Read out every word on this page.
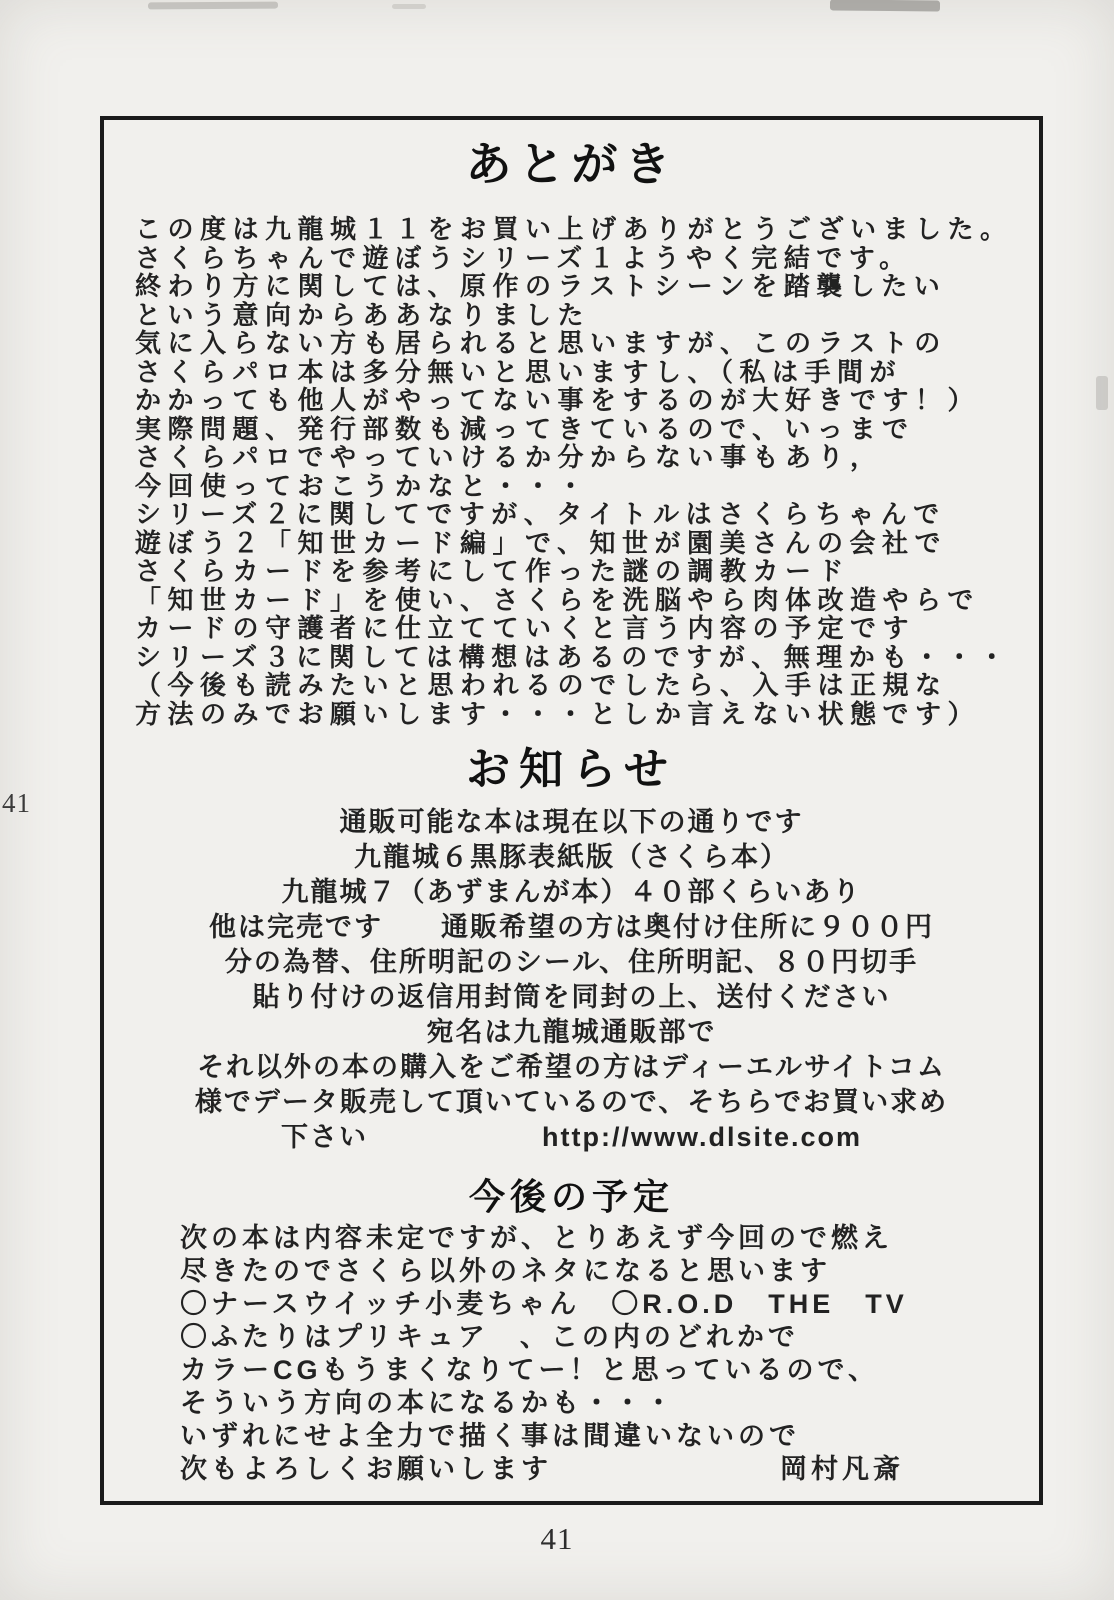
41
あとがき
この度は九龍城１１をお買い上げありがとうございました。
さくらちゃんで遊ぼうシリーズ１ようやく完結です。
終わり方に関しては、原作のラストシーンを踏襲したい
という意向からああなりました
気に入らない方も居られると思いますが、このラストの
さくらパロ本は多分無いと思いますし、（私は手間が
かかっても他人がやってない事をするのが大好きです！）
実際問題、発行部数も減ってきているので、いっまで
さくらパロでやっていけるか分からない事もあり，
今回使っておこうかなと・・・
シリーズ２に関してですが、タイトルはさくらちゃんで
遊ぼう２「知世カード編」で、知世が園美さんの会社で
さくらカードを参考にして作った謎の調教カード
「知世カード」を使い、さくらを洗脳やら肉体改造やらで
カードの守護者に仕立てていくと言う内容の予定です
シリーズ３に関しては構想はあるのですが、無理かも・・・
（今後も読みたいと思われるのでしたら、入手は正規な
方法のみでお願いします・・・としか言えない状態です）
お知らせ
通販可能な本は現在以下の通りです
九龍城６黒豚表紙版（さくら本）
九龍城７（あずまんが本）４０部くらいあり
他は完売です　　通販希望の方は奥付け住所に９００円
分の為替、住所明記のシール、住所明記、８０円切手
貼り付けの返信用封筒を同封の上、送付ください
宛名は九龍城通販部で
それ以外の本の購入をご希望の方はディーエルサイトコム
様でデータ販売して頂いているので、そちらでお買い求め
下さい　　　　　　http://www.dlsite.com
今後の予定
次の本は内容未定ですが、とりあえず今回ので燃え
尽きたのでさくら以外のネタになると思います
〇ナースウイッチ小麦ちゃん　〇R.O.D　THE　TV
〇ふたりはプリキュア　、この内のどれかで
カラーCGもうまくなりてー！と思っているので、
そういう方向の本になるかも・・・
いずれにせよ全力で描く事は間違いないので
次もよろしくお願いします	岡村凡斎
41
